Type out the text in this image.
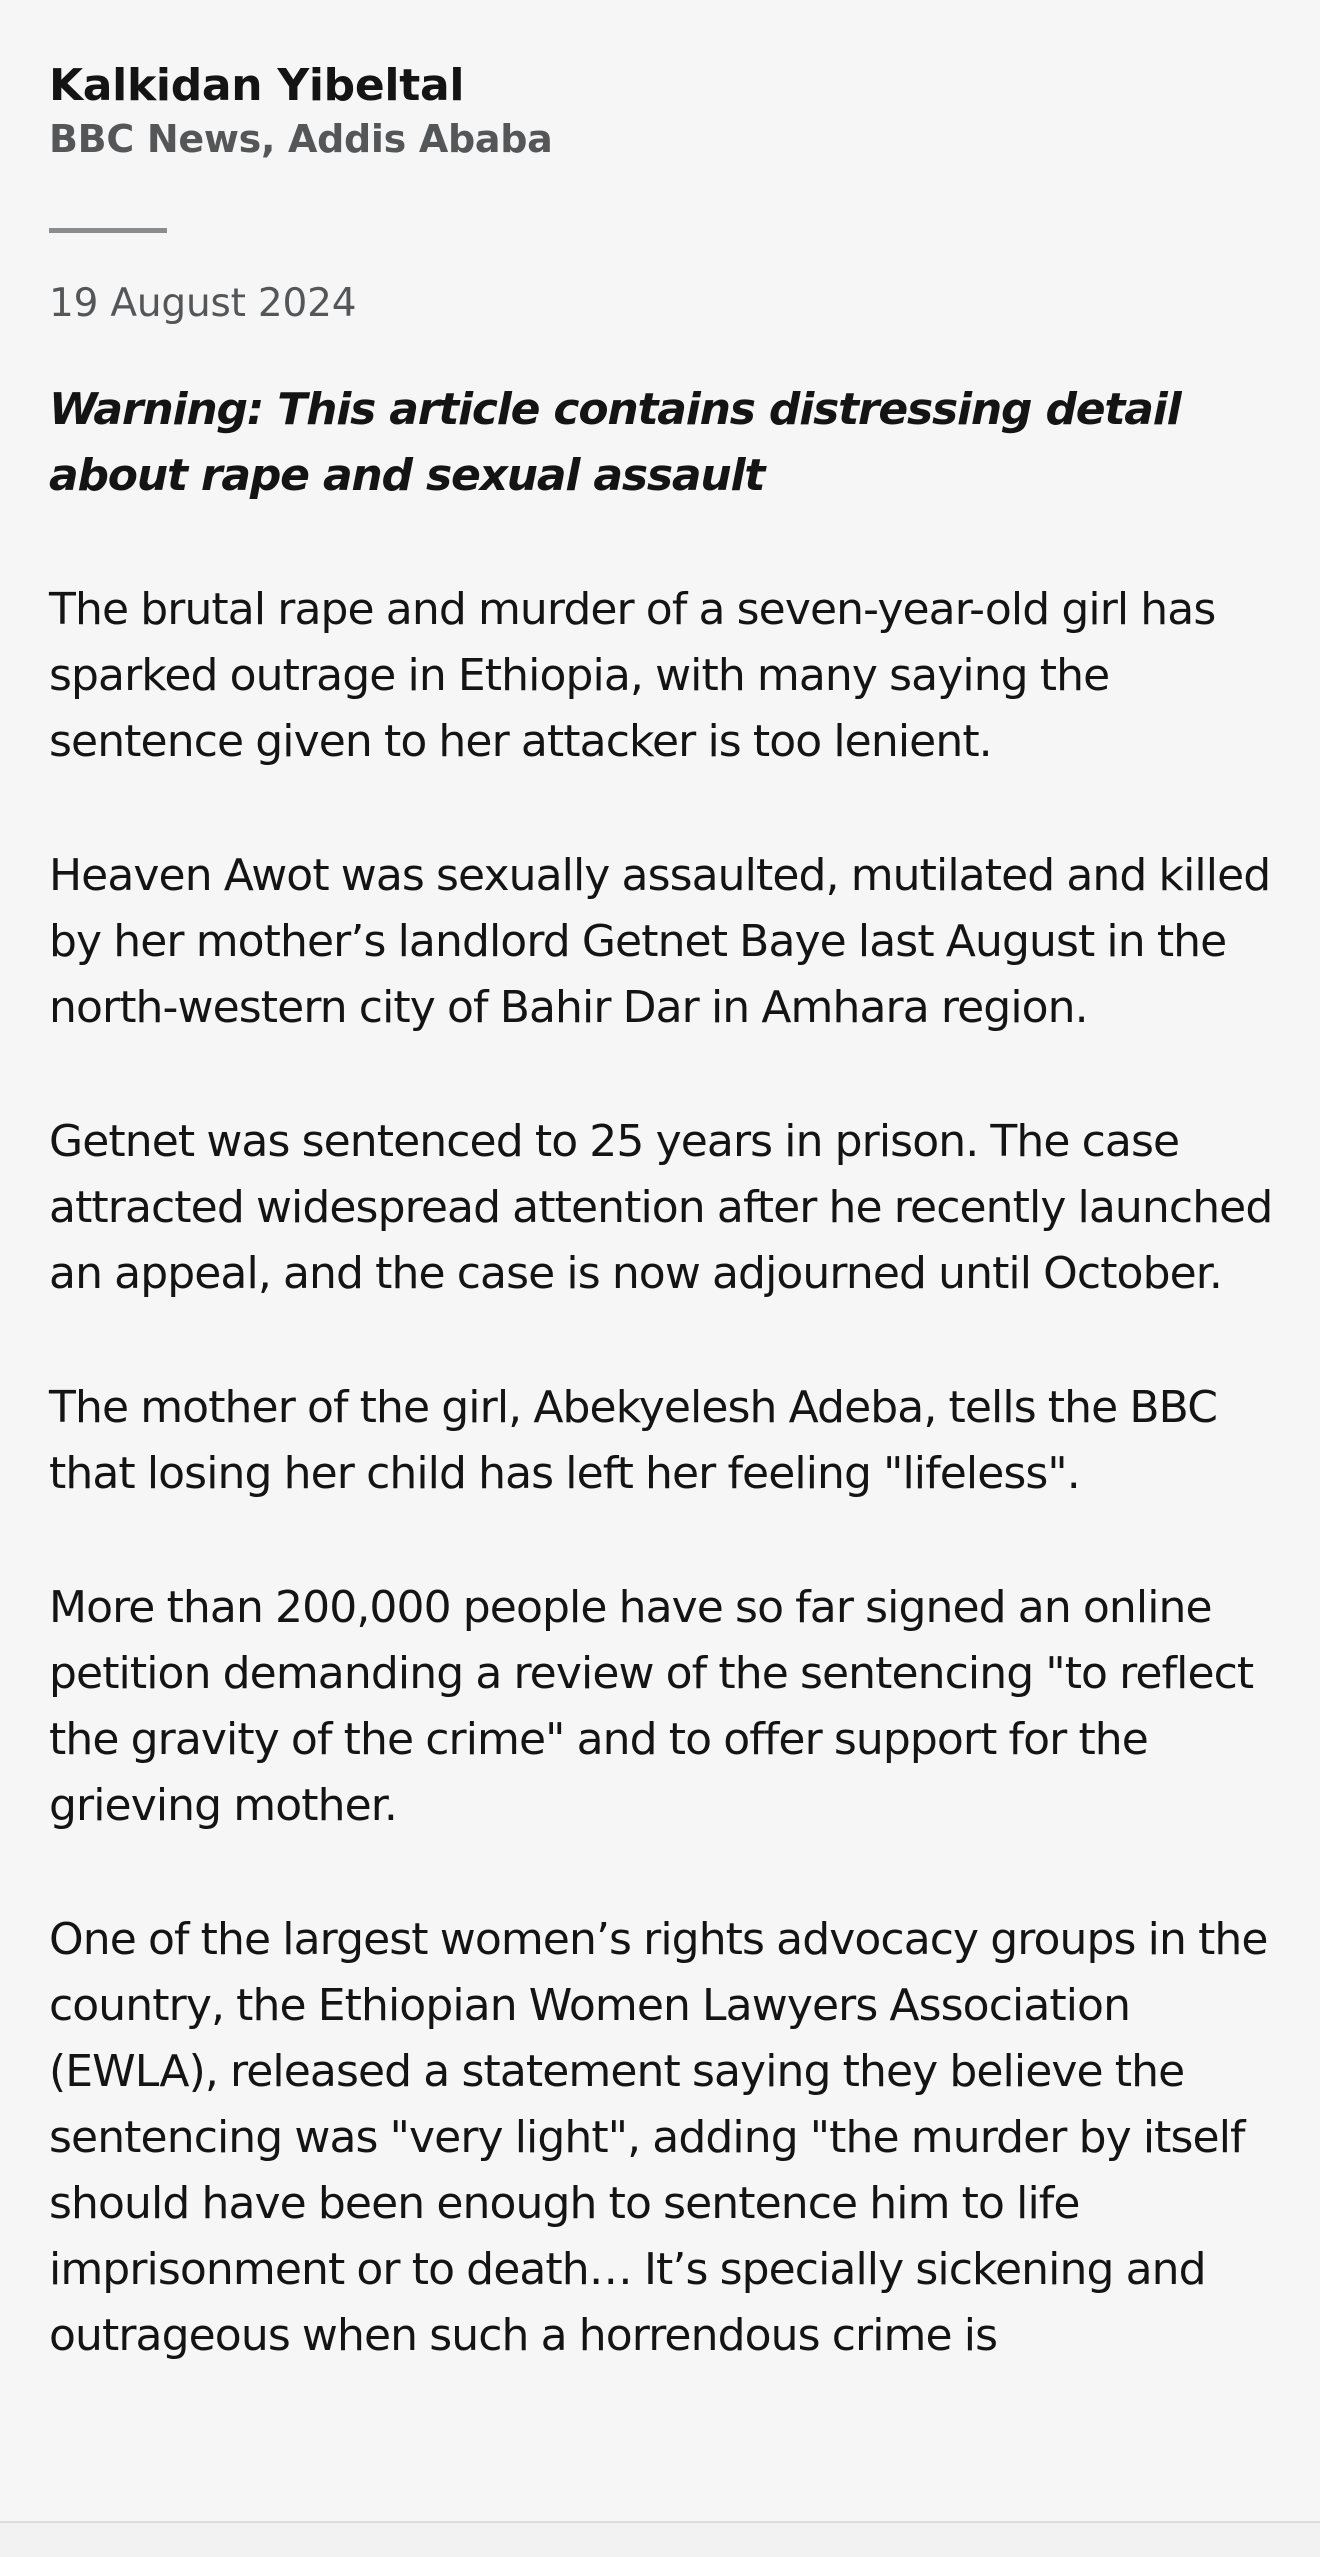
Kalkidan Yibeltal
BBC News, Addis Ababa
19 August 2024
Warning: This article contains distressing detail about rape and sexual assault

The brutal rape and murder of a seven-year-old girl has sparked outrage in Ethiopia, with many saying the sentence given to her attacker is too lenient.

Heaven Awot was sexually assaulted, mutilated and killed by her mother’s landlord Getnet Baye last August in the north-western city of Bahir Dar in Amhara region.

Getnet was sentenced to 25 years in prison. The case attracted widespread attention after he recently launched an appeal, and the case is now adjourned until October.

The mother of the girl, Abekyelesh Adeba, tells the BBC that losing her child has left her feeling "lifeless".

More than 200,000 people have so far signed an online petition demanding a review of the sentencing "to reflect the gravity of the crime" and to offer support for the grieving mother.

One of the largest women’s rights advocacy groups in the country, the Ethiopian Women Lawyers Association (EWLA), released a statement saying they believe the sentencing was "very light", adding "the murder by itself should have been enough to sentence him to life imprisonment or to death… It’s specially sickening and outrageous when such a horrendous crime is
